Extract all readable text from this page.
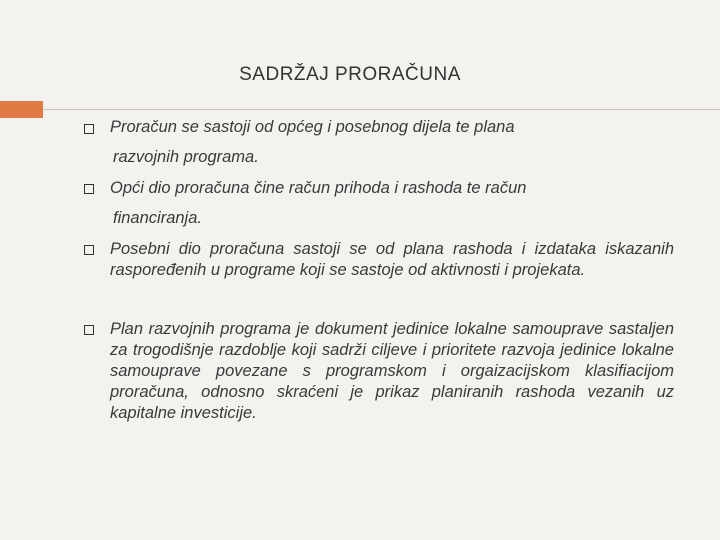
SADRŽAJ PRORAČUNA
Proračun se sastoji od općeg i posebnog dijela te plana
razvojnih programa.
Opći dio proračuna čine račun prihoda i rashoda te račun
financiranja.
Posebni dio proračuna sastoji se od plana rashoda i izdataka iskazanih raspoređenih u programe koji se sastoje od aktivnosti i projekata.
Plan razvojnih programa je dokument jedinice lokalne samouprave sastaljen za trogodišnje razdoblje koji sadrži ciljeve i prioritete razvoja jedinice lokalne samouprave povezane s programskom i orgaizacijskom klasifiacijom proračuna, odnosno skraćeni je prikaz planiranih rashoda vezanih uz kapitalne investicije.
